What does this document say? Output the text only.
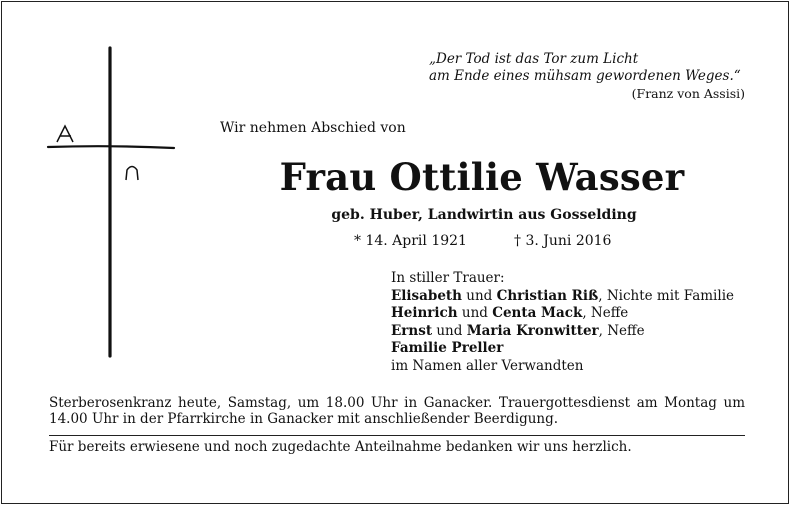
„Der Tod ist das Tor zum Licht
am Ende eines mühsam gewordenen Weges.“
(Franz von Assisi)
Wir nehmen Abschied von
Frau Ottilie Wasser
geb. Huber, Landwirtin aus Gosselding
* 14. April 1921	† 3. Juni 2016
In stiller Trauer:
Elisabeth und Christian Riß, Nichte mit Familie
Heinrich und Centa Mack, Neffe
Ernst und Maria Kronwitter, Neffe
Familie Preller
im Namen aller Verwandten
Sterberosenkranz heute, Samstag, um 18.00 Uhr in Ganacker. Trauergottesdienst am Montag um 14.00 Uhr in der Pfarrkirche in Ganacker mit anschließender Beerdigung.
Für bereits erwiesene und noch zugedachte Anteilnahme bedanken wir uns herzlich.
